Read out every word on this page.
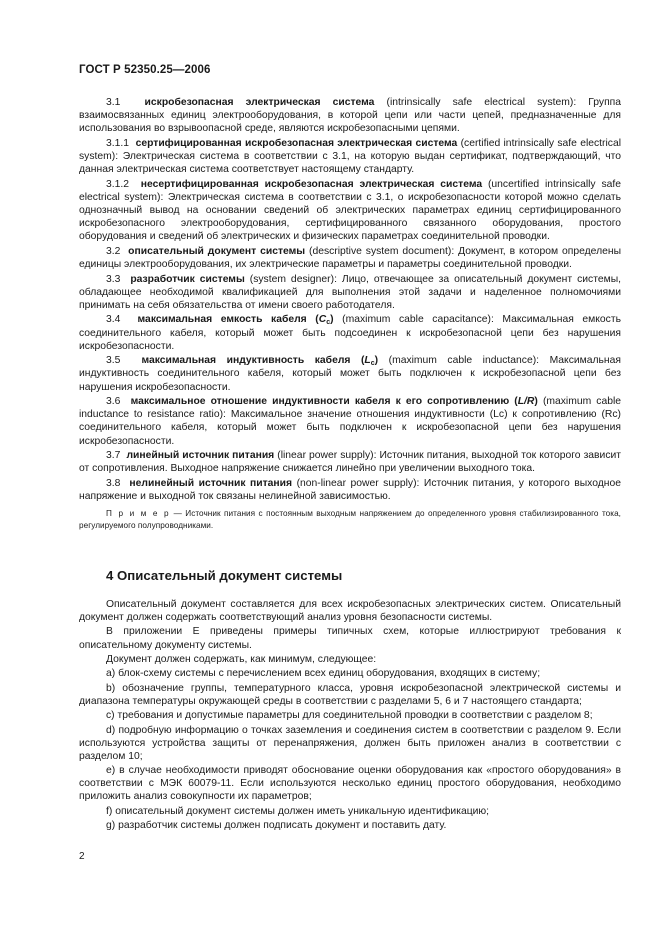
ГОСТ Р 52350.25—2006

3.1 искробезопасная электрическая система (intrinsically safe electrical system): Группа взаимосвязанных единиц электрооборудования, в которой цепи или части цепей, предназначенные для использования во взрывоопасной среде, являются искробезопасными цепями.

3.1.1 сертифицированная искробезопасная электрическая система (certified intrinsically safe electrical system): Электрическая система в соответствии с 3.1, на которую выдан сертификат, подтверждающий, что данная электрическая система соответствует настоящему стандарту.

3.1.2 несертифицированная искробезопасная электрическая система (uncertified intrinsically safe electrical system): Электрическая система в соответствии с 3.1, о искробезопасности которой можно сделать однозначный вывод на основании сведений об электрических параметрах единиц сертифицированного искробезопасного электрооборудования, сертифицированного связанного оборудования, простого оборудования и сведений об электрических и физических параметрах соединительной проводки.

3.2 описательный документ системы (descriptive system document): Документ, в котором определены единицы электрооборудования, их электрические параметры и параметры соединительной проводки.

3.3 разработчик системы (system designer): Лицо, отвечающее за описательный документ системы, обладающее необходимой квалификацией для выполнения этой задачи и наделенное полномочиями принимать на себя обязательства от имени своего работодателя.

3.4 максимальная емкость кабеля $(C_c)$ (maximum cable capacitance): Максимальная емкость соединительного кабеля, который может быть подсоединен к искробезопасной цепи без нарушения искробезопасности.

3.5 максимальная индуктивность кабеля $(L_c)$ (maximum cable inductance): Максимальная индуктивность соединительного кабеля, который может быть подключен к искробезопасной цепи без нарушения искробезопасности.

3.6 максимальное отношение индуктивности кабеля к его сопротивлению (L/R) (maximum cable inductance to resistance ratio): Максимальное значение отношения индуктивности (Lc) к сопротивлению (Rc) соединительного кабеля, который может быть подключен к искробезопасной цепи без нарушения искробезопасности.

3.7 линейный источник питания (linear power supply): Источник питания, выходной ток которого зависит от сопротивления. Выходное напряжение снижается линейно при увеличении выходного тока.

3.8 нелинейный источник питания (non-linear power supply): Источник питания, у которого выходное напряжение и выходной ток связаны нелинейной зависимостью.

П р и м е р — Источник питания с постоянным выходным напряжением до определенного уровня стабилизированного тока, регулируемого полупроводниками.

4 Описательный документ системы

Описательный документ составляется для всех искробезопасных электрических систем. Описательный документ должен содержать соответствующий анализ уровня безопасности системы.

В приложении Е приведены примеры типичных схем, которые иллюстрируют требования к описательному документу системы.

Документ должен содержать, как минимум, следующее:

а) блок-схему системы с перечислением всех единиц оборудования, входящих в систему;

b) обозначение группы, температурного класса, уровня искробезопасной электрической системы и диапазона температуры окружающей среды в соответствии с разделами 5, 6 и 7 настоящего стандарта;

c) требования и допустимые параметры для соединительной проводки в соответствии с разделом 8;

d) подробную информацию о точках заземления и соединения систем в соответствии с разделом 9. Если используются устройства защиты от перенапряжения, должен быть приложен анализ в соответствии с разделом 10;

е) в случае необходимости приводят обоснование оценки оборудования как «простого оборудования» в соответствии с МЭК 60079-11. Если используются несколько единиц простого оборудования, необходимо приложить анализ совокупности их параметров;

f) описательный документ системы должен иметь уникальную идентификацию;

g) разработчик системы должен подписать документ и поставить дату.

2
